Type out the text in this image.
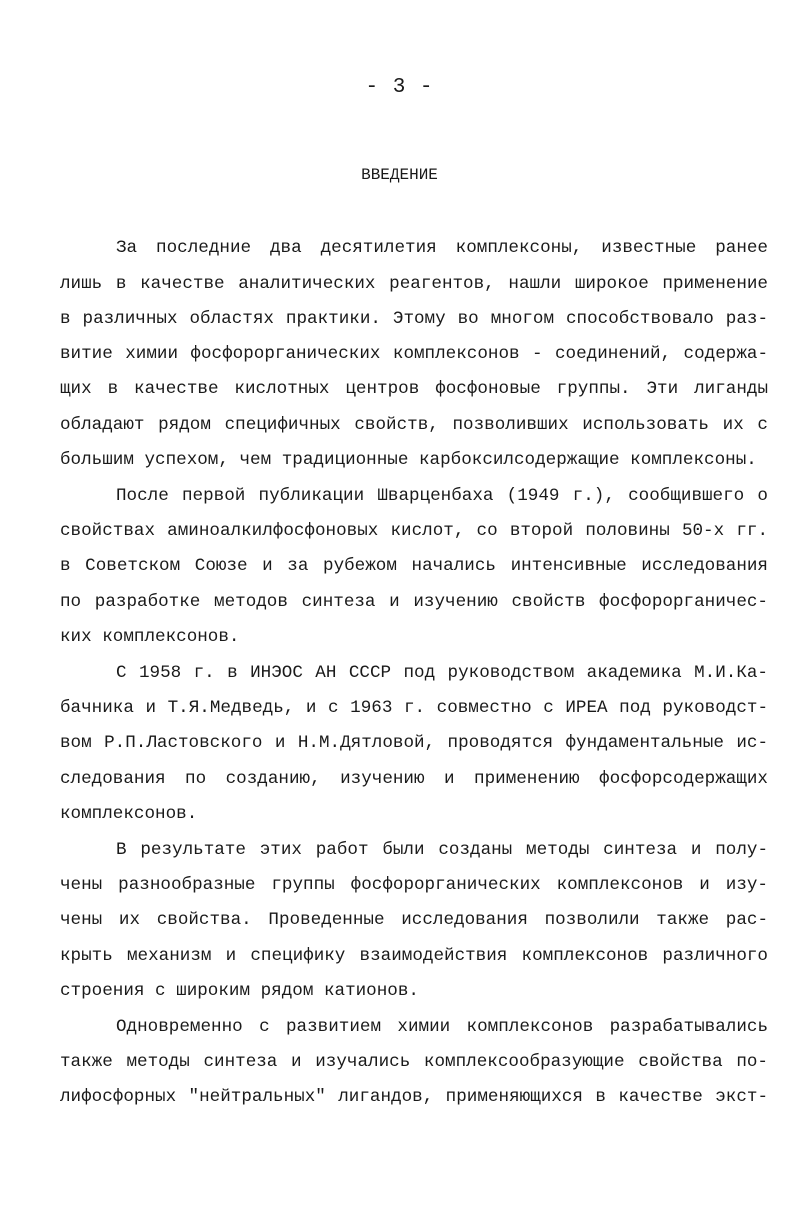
- 3 -
ВВЕДЕНИЕ
За последние два десятилетия комплексоны, известные ранее
лишь в качестве аналитических реагентов, нашли широкое применение
в различных областях практики. Этому во многом способствовало раз-
витие химии фосфорорганических комплексонов - соединений, содержа-
щих в качестве кислотных центров фосфоновые группы. Эти лиганды
обладают рядом специфичных свойств, позволивших использовать их с
большим успехом, чем традиционные карбоксилсодержащие комплексоны.
После первой публикации Шварценбаха (1949 г.), сообщившего о
свойствах аминоалкилфосфоновых кислот, со второй половины 50-х гг.
в Советском Союзе и за рубежом начались интенсивные исследования
по разработке методов синтеза и изучению свойств фосфорорганичес-
ких комплексонов.
С 1958 г. в ИНЭОС АН СССР под руководством академика М.И.Ка-
бачника и Т.Я.Медведь, и с 1963 г. совместно с ИРЕА под руководст-
вом Р.П.Ластовского и Н.М.Дятловой, проводятся фундаментальные ис-
следования по созданию, изучению и применению фосфорсодержащих
комплексонов.
В результате этих работ были созданы методы синтеза и полу-
чены разнообразные группы фосфорорганических комплексонов и изу-
чены их свойства. Проведенные исследования позволили также рас-
крыть механизм и специфику взаимодействия комплексонов различного
строения с широким рядом катионов.
Одновременно с развитием химии комплексонов разрабатывались
также методы синтеза и изучались комплексообразующие свойства по-
лифосфорных "нейтральных" лигандов, применяющихся в качестве экст-
